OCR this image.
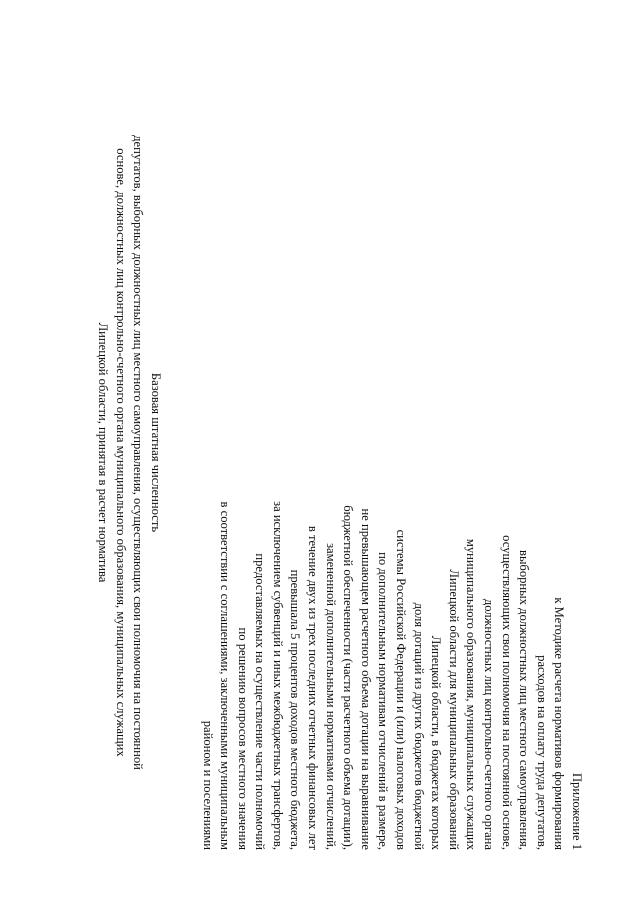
Приложение 1
к Методике расчета нормативов формирования
расходов на оплату труда депутатов,
выборных должностных лиц местного самоуправления,
осуществляющих свои полномочия на постоянной основе,
должностных лиц контрольно-счетного органа
муниципального образования, муниципальных служащих
Липецкой области для муниципальных образований
Липецкой области, в бюджетах которых
доля дотаций из других бюджетов бюджетной
системы Российской Федерации и (или) налоговых доходов
по дополнительным нормативам отчислений в размере,
не превышающем расчетного объема дотации на выравнивание
бюджетной обеспеченности (части расчетного объема дотации),
замененной дополнительными нормативами отчислений,
в течение двух из трех последних отчетных финансовых лет
превышала 5 процентов доходов местного бюджета,
за исключением субвенций и иных межбюджетных трансфертов,
предоставляемых на осуществление части полномочий
по решению вопросов местного значения
в соответствии с соглашениями, заключенными муниципальным
районом и поселениями
Базовая штатная численность
депутатов, выборных должностных лиц местного самоуправления, осуществляющих свои полномочия на постоянной
основе, должностных лиц контрольно-счетного органа муниципального образования, муниципальных служащих
Липецкой области, принятая в расчет норматива
